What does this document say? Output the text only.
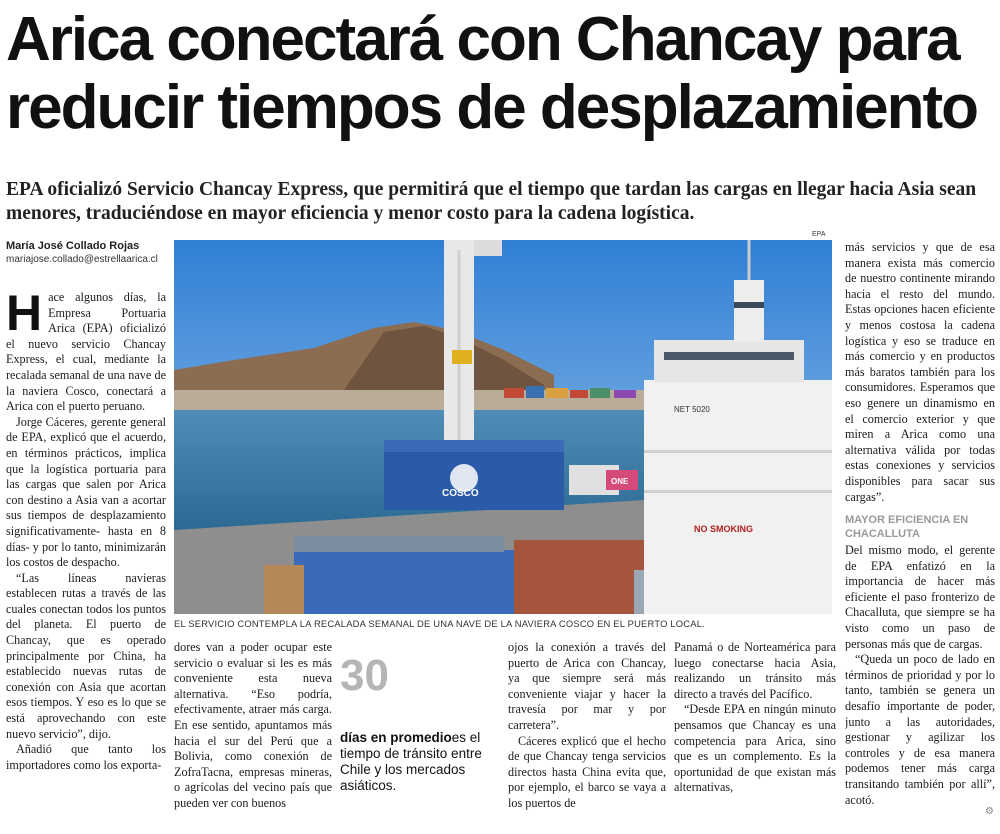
Arica conectará con Chancay para reducir tiempos de desplazamiento
EPA oficializó Servicio Chancay Express, que permitirá que el tiempo que tardan las cargas en llegar hacia Asia sean menores, traduciéndose en mayor eficiencia y menor costo para la cadena logística.
María José Collado Rojas
mariajose.collado@estrellaarica.cl

Hace algunos días, la Empresa Portuaria Arica (EPA) oficializó el nuevo servicio Chancay Express, el cual, mediante la recalada semanal de una nave de la naviera Cosco, conectará a Arica con el puerto peruano.

Jorge Cáceres, gerente general de EPA, explicó que el acuerdo, en términos prácticos, implica que la logística portuaria para las cargas que salen por Arica con destino a Asia van a acortar sus tiempos de desplazamiento significativamente- hasta en 8 días- y por lo tanto, minimizarán los costos de despacho.

“Las líneas navieras establecen rutas a través de las cuales conectan todos los puntos del planeta. El puerto de Chancay, que es operado principalmente por China, ha establecido nuevas rutas de conexión con Asia que acortan esos tiempos. Y eso es lo que se está aprovechando con este nuevo servicio”, dijo.

Añadió que tanto los importadores como los exporta-

EPA
COSCO
ONE
NET 5020
NO SMOKING
EL SERVICIO CONTEMPLA LA RECALADA SEMANAL DE UNA NAVE DE LA NAVIERA COSCO EN EL PUERTO LOCAL.

dores van a poder ocupar este servicio o evaluar si les es más conveniente esta nueva alternativa. “Eso podría, efectivamente, atraer más carga. En ese sentido, apuntamos más hacia el sur del Perú que a Bolivia, como conexión de ZofraTacna, empresas mineras, o agrícolas del vecino país que pueden ver con buenos

30
días en promedioes el tiempo de tránsito entre Chile y los mercados asiáticos.

ojos la conexión a través del puerto de Arica con Chancay, ya que siempre será más conveniente viajar y hacer la travesía por mar y por carretera”.

Cáceres explicó que el hecho de que Chancay tenga servicios directos hasta China evita que, por ejemplo, el barco se vaya a los puertos de

Panamá o de Norteamérica para luego conectarse hacia Asia, realizando un tránsito más directo a través del Pacífico.

“Desde EPA en ningún minuto pensamos que Chancay es una competencia para Arica, sino que es un complemento. Es la oportunidad de que existan más alternativas,

más servicios y que de esa manera exista más comercio de nuestro continente mirando hacia el resto del mundo. Estas opciones hacen eficiente y menos costosa la cadena logística y eso se traduce en más comercio y en productos más baratos también para los consumidores. Esperamos que eso genere un dinamismo en el comercio exterior y que miren a Arica como una alternativa válida por todas estas conexiones y servicios disponibles para sacar sus cargas”.

MAYOR EFICIENCIA EN CHACALLUTA

Del mismo modo, el gerente de EPA enfatizó en la importancia de hacer más eficiente el paso fronterizo de Chacalluta, que siempre se ha visto como un paso de personas más que de cargas.

“Queda un poco de lado en términos de prioridad y por lo tanto, también se genera un desafío importante de poder, junto a las autoridades, gestionar y agilizar los controles y de esa manera podemos tener más carga transitando también por allí”, acotó.

⚙
